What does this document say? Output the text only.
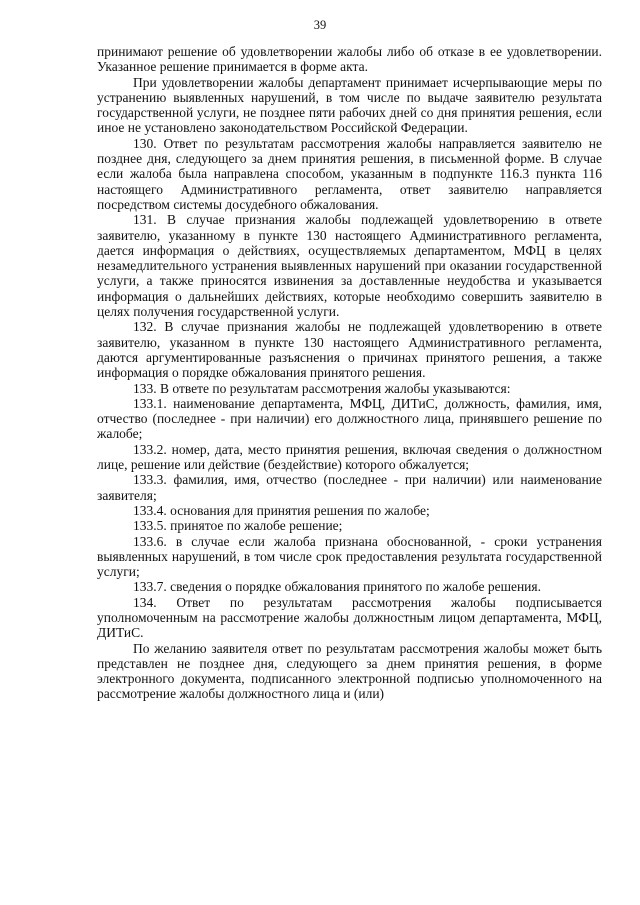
39

принимают решение об удовлетворении жалобы либо об отказе в ее удовлетворении. Указанное решение принимается в форме акта.

При удовлетворении жалобы департамент принимает исчерпывающие меры по устранению выявленных нарушений, в том числе по выдаче заявителю результата государственной услуги, не позднее пяти рабочих дней со дня принятия решения, если иное не установлено законодательством Российской Федерации.

130. Ответ по результатам рассмотрения жалобы направляется заявителю не позднее дня, следующего за днем принятия решения, в письменной форме. В случае если жалоба была направлена способом, указанным в подпункте 116.3 пункта 116 настоящего Административного регламента, ответ заявителю направляется посредством системы досудебного обжалования.

131. В случае признания жалобы подлежащей удовлетворению в ответе заявителю, указанному в пункте 130 настоящего Административного регламента, дается информация о действиях, осуществляемых департаментом, МФЦ в целях незамедлительного устранения выявленных нарушений при оказании государственной услуги, а также приносятся извинения за доставленные неудобства и указывается информация о дальнейших действиях, которые необходимо совершить заявителю в целях получения государственной услуги.

132. В случае признания жалобы не подлежащей удовлетворению в ответе заявителю, указанном в пункте 130 настоящего Административного регламента, даются аргументированные разъяснения о причинах принятого решения, а также информация о порядке обжалования принятого решения.

133. В ответе по результатам рассмотрения жалобы указываются:

133.1. наименование департамента, МФЦ, ДИТиС, должность, фамилия, имя, отчество (последнее - при наличии) его должностного лица, принявшего решение по жалобе;

133.2. номер, дата, место принятия решения, включая сведения о должностном лице, решение или действие (бездействие) которого обжалуется;

133.3. фамилия, имя, отчество (последнее - при наличии) или наименование заявителя;

133.4. основания для принятия решения по жалобе;

133.5. принятое по жалобе решение;

133.6. в случае если жалоба признана обоснованной, - сроки устранения выявленных нарушений, в том числе срок предоставления результата государственной услуги;

133.7. сведения о порядке обжалования принятого по жалобе решения.

134. Ответ по результатам рассмотрения жалобы подписывается уполномоченным на рассмотрение жалобы должностным лицом департамента, МФЦ, ДИТиС.

По желанию заявителя ответ по результатам рассмотрения жалобы может быть представлен не позднее дня, следующего за днем принятия решения, в форме электронного документа, подписанного электронной подписью уполномоченного на рассмотрение жалобы должностного лица и (или)
